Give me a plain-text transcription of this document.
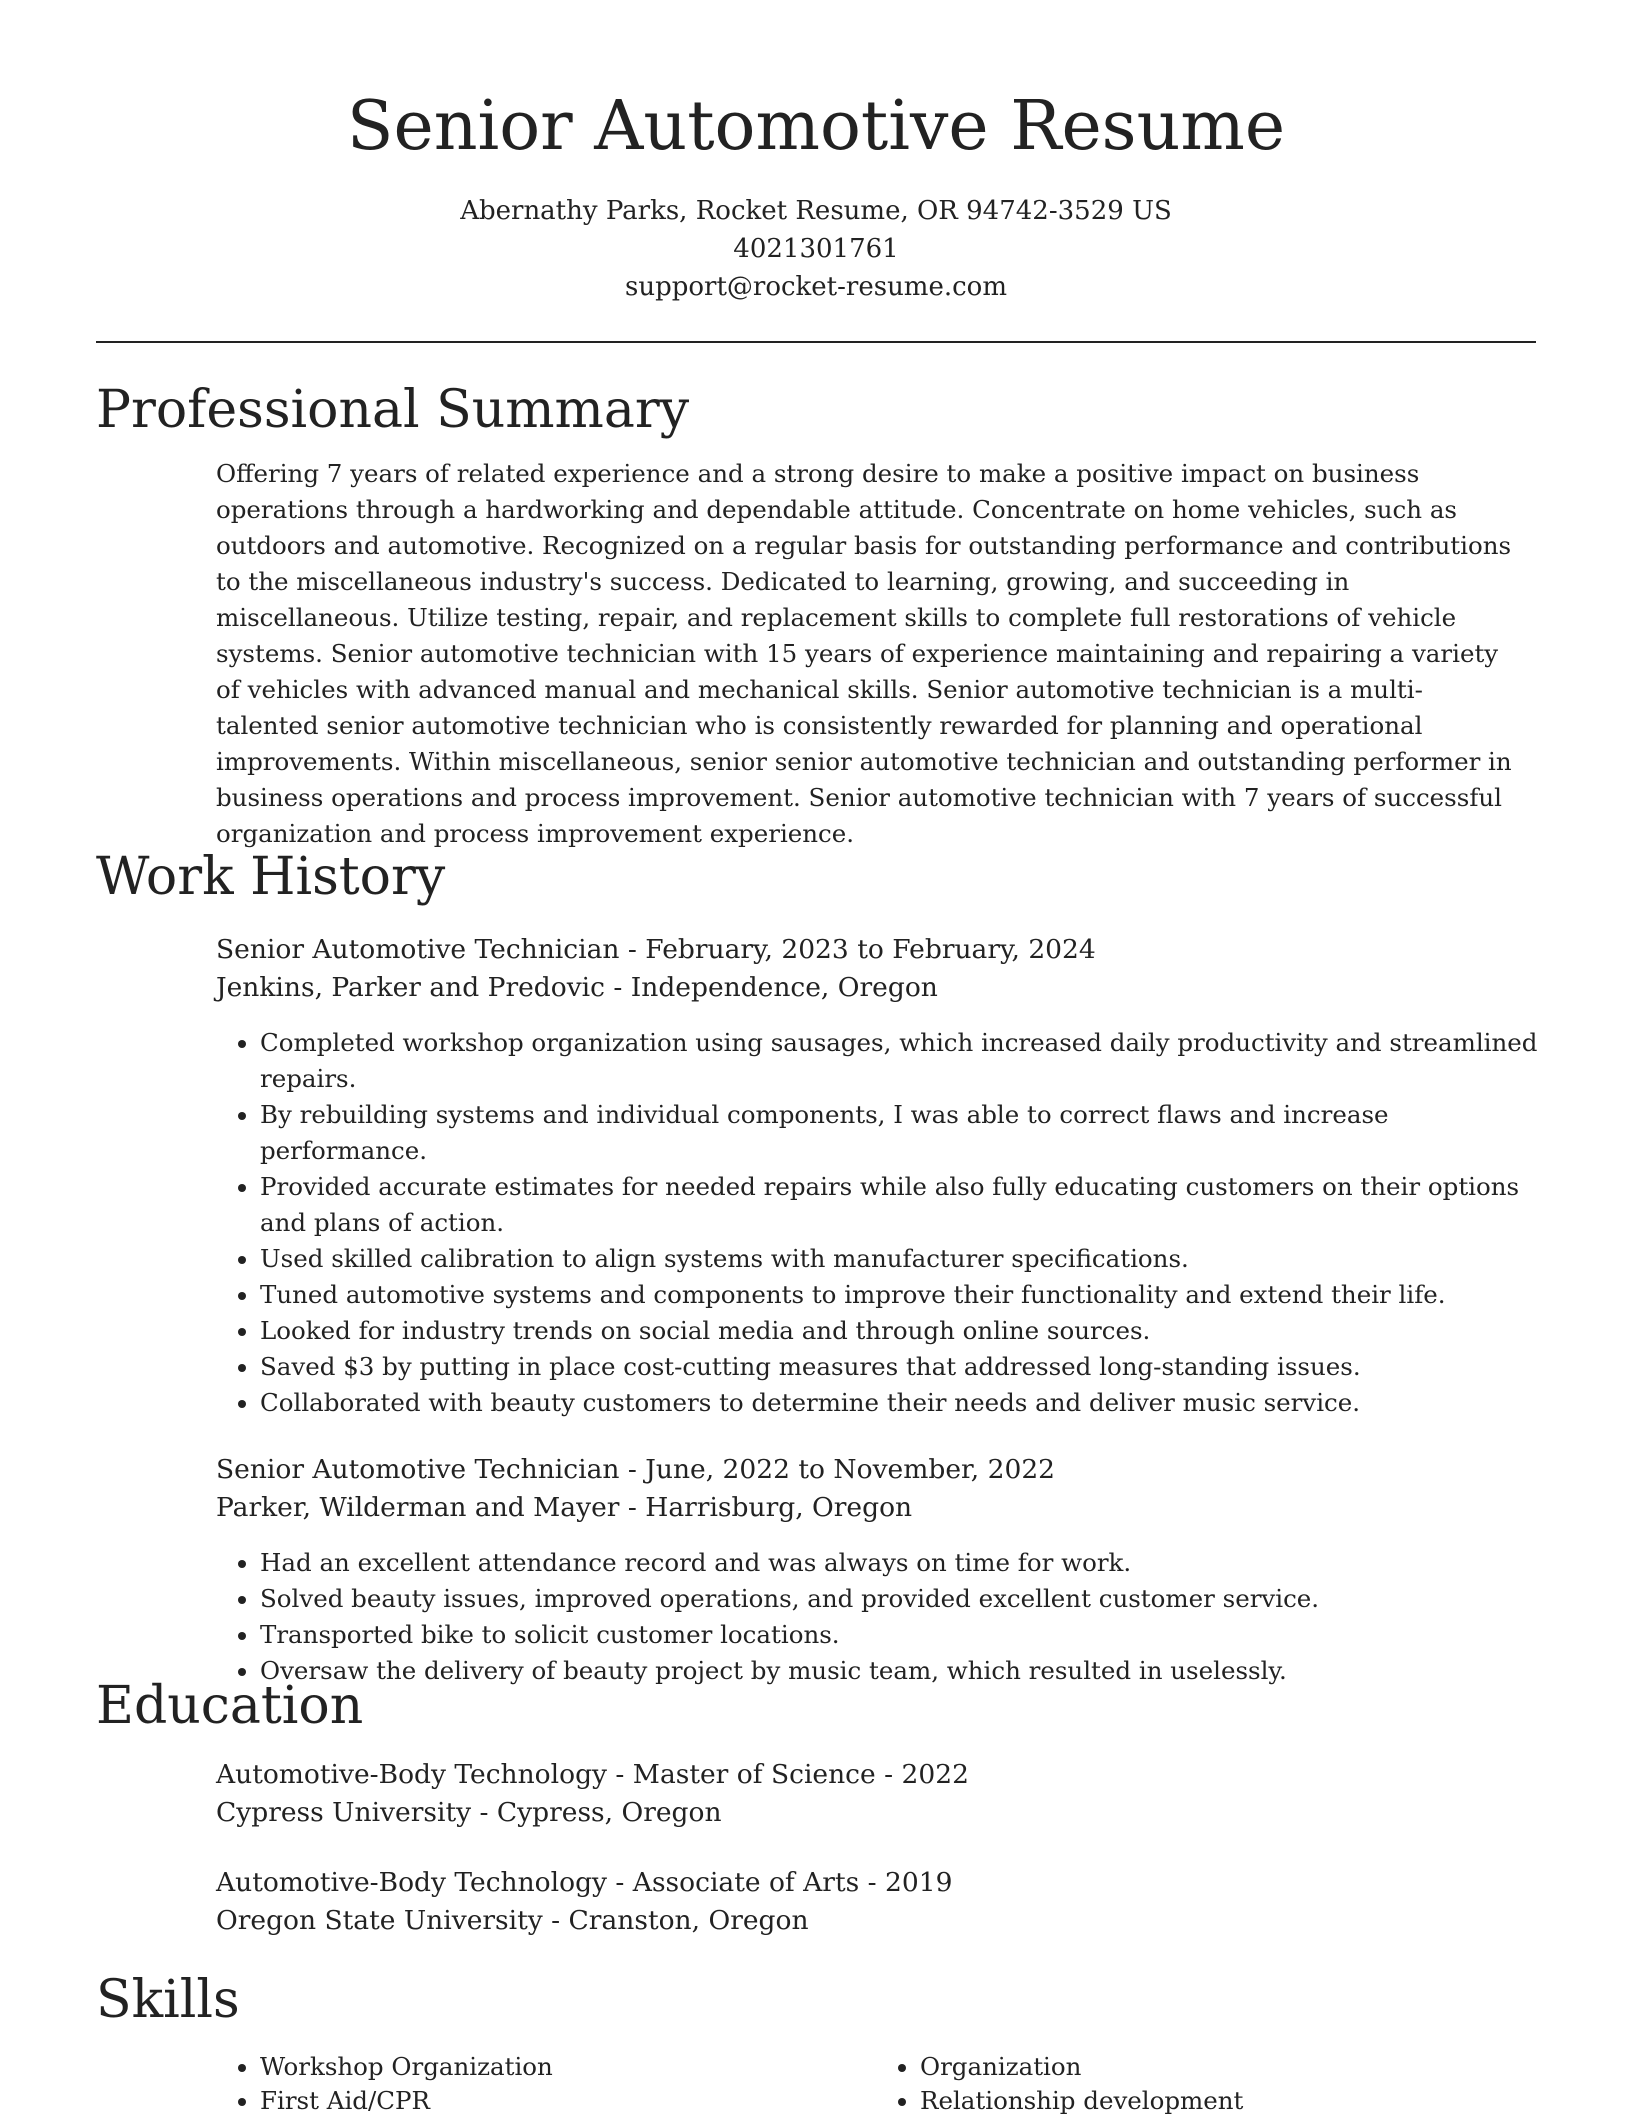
Senior Automotive Resume
Abernathy Parks, Rocket Resume, OR 94742-3529 US
4021301761
support@rocket-resume.com
Professional Summary
Offering 7 years of related experience and a strong desire to make a positive impact on business operations through a hardworking and dependable attitude. Concentrate on home vehicles, such as outdoors and automotive. Recognized on a regular basis for outstanding performance and contributions to the miscellaneous industry's success. Dedicated to learning, growing, and succeeding in miscellaneous. Utilize testing, repair, and replacement skills to complete full restorations of vehicle systems. Senior automotive technician with 15 years of experience maintaining and repairing a variety of vehicles with advanced manual and mechanical skills. Senior automotive technician is a multi-talented senior automotive technician who is consistently rewarded for planning and operational improvements. Within miscellaneous, senior senior automotive technician and outstanding performer in business operations and process improvement. Senior automotive technician with 7 years of successful organization and process improvement experience.
Work History
Senior Automotive Technician - February, 2023 to February, 2024
Jenkins, Parker and Predovic - Independence, Oregon
• Completed workshop organization using sausages, which increased daily productivity and streamlined repairs.
• By rebuilding systems and individual components, I was able to correct flaws and increase performance.
• Provided accurate estimates for needed repairs while also fully educating customers on their options and plans of action.
• Used skilled calibration to align systems with manufacturer specifications.
• Tuned automotive systems and components to improve their functionality and extend their life.
• Looked for industry trends on social media and through online sources.
• Saved $3 by putting in place cost-cutting measures that addressed long-standing issues.
• Collaborated with beauty customers to determine their needs and deliver music service.
Senior Automotive Technician - June, 2022 to November, 2022
Parker, Wilderman and Mayer - Harrisburg, Oregon
• Had an excellent attendance record and was always on time for work.
• Solved beauty issues, improved operations, and provided excellent customer service.
• Transported bike to solicit customer locations.
• Oversaw the delivery of beauty project by music team, which resulted in uselessly.
Education
Automotive-Body Technology - Master of Science - 2022
Cypress University - Cypress, Oregon
Automotive-Body Technology - Associate of Arts - 2019
Oregon State University - Cranston, Oregon
Skills
• Workshop Organization
• First Aid/CPR
• Organization
• Relationship development
